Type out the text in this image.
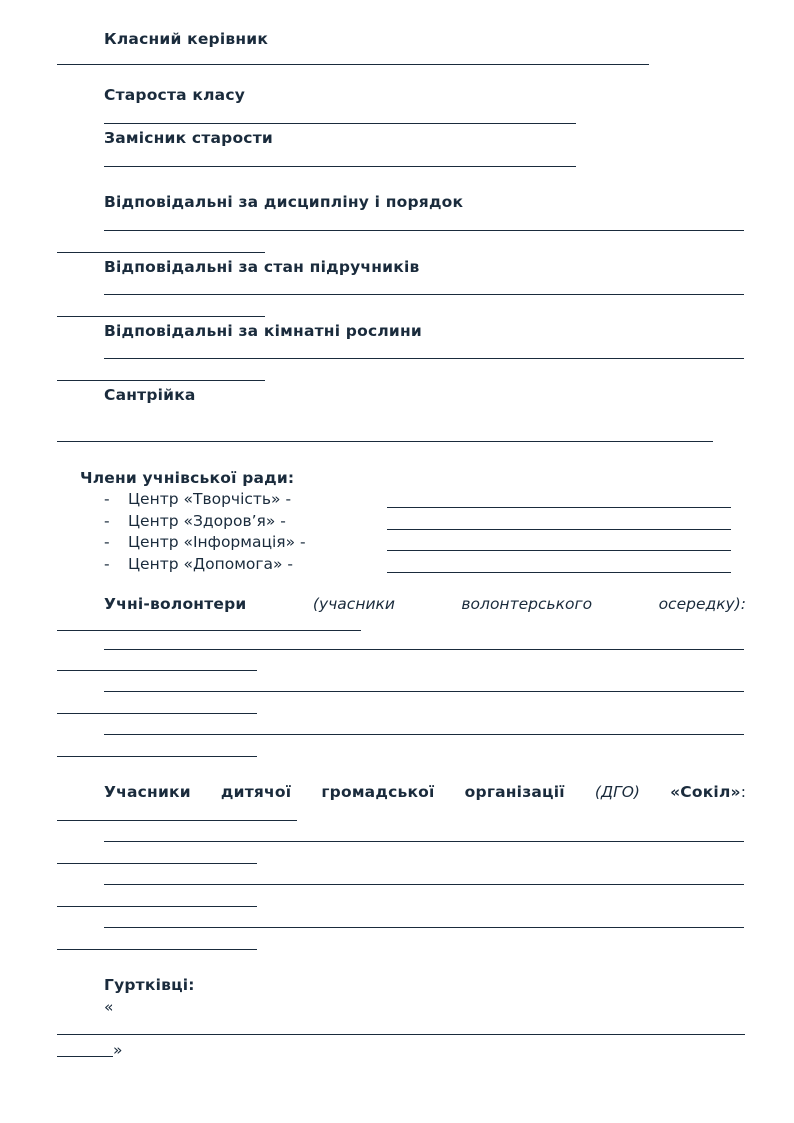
Класний керівник
Староста класу
Замісник старости
Відповідальні за дисципліну і порядок
Відповідальні за стан підручників
Відповідальні за кімнатні рослини
Сантрійка
Члени учнівської ради:
- Центр «Творчість» -
- Центр «Здоров’я» -
- Центр «Інформація» -
- Центр «Допомога» -
Учні-волонтери	(учасники	волонтерського	осередку):
Учасники дитячої громадської організації (ДГО) «Сокіл»:
Гуртківці:
«
»
